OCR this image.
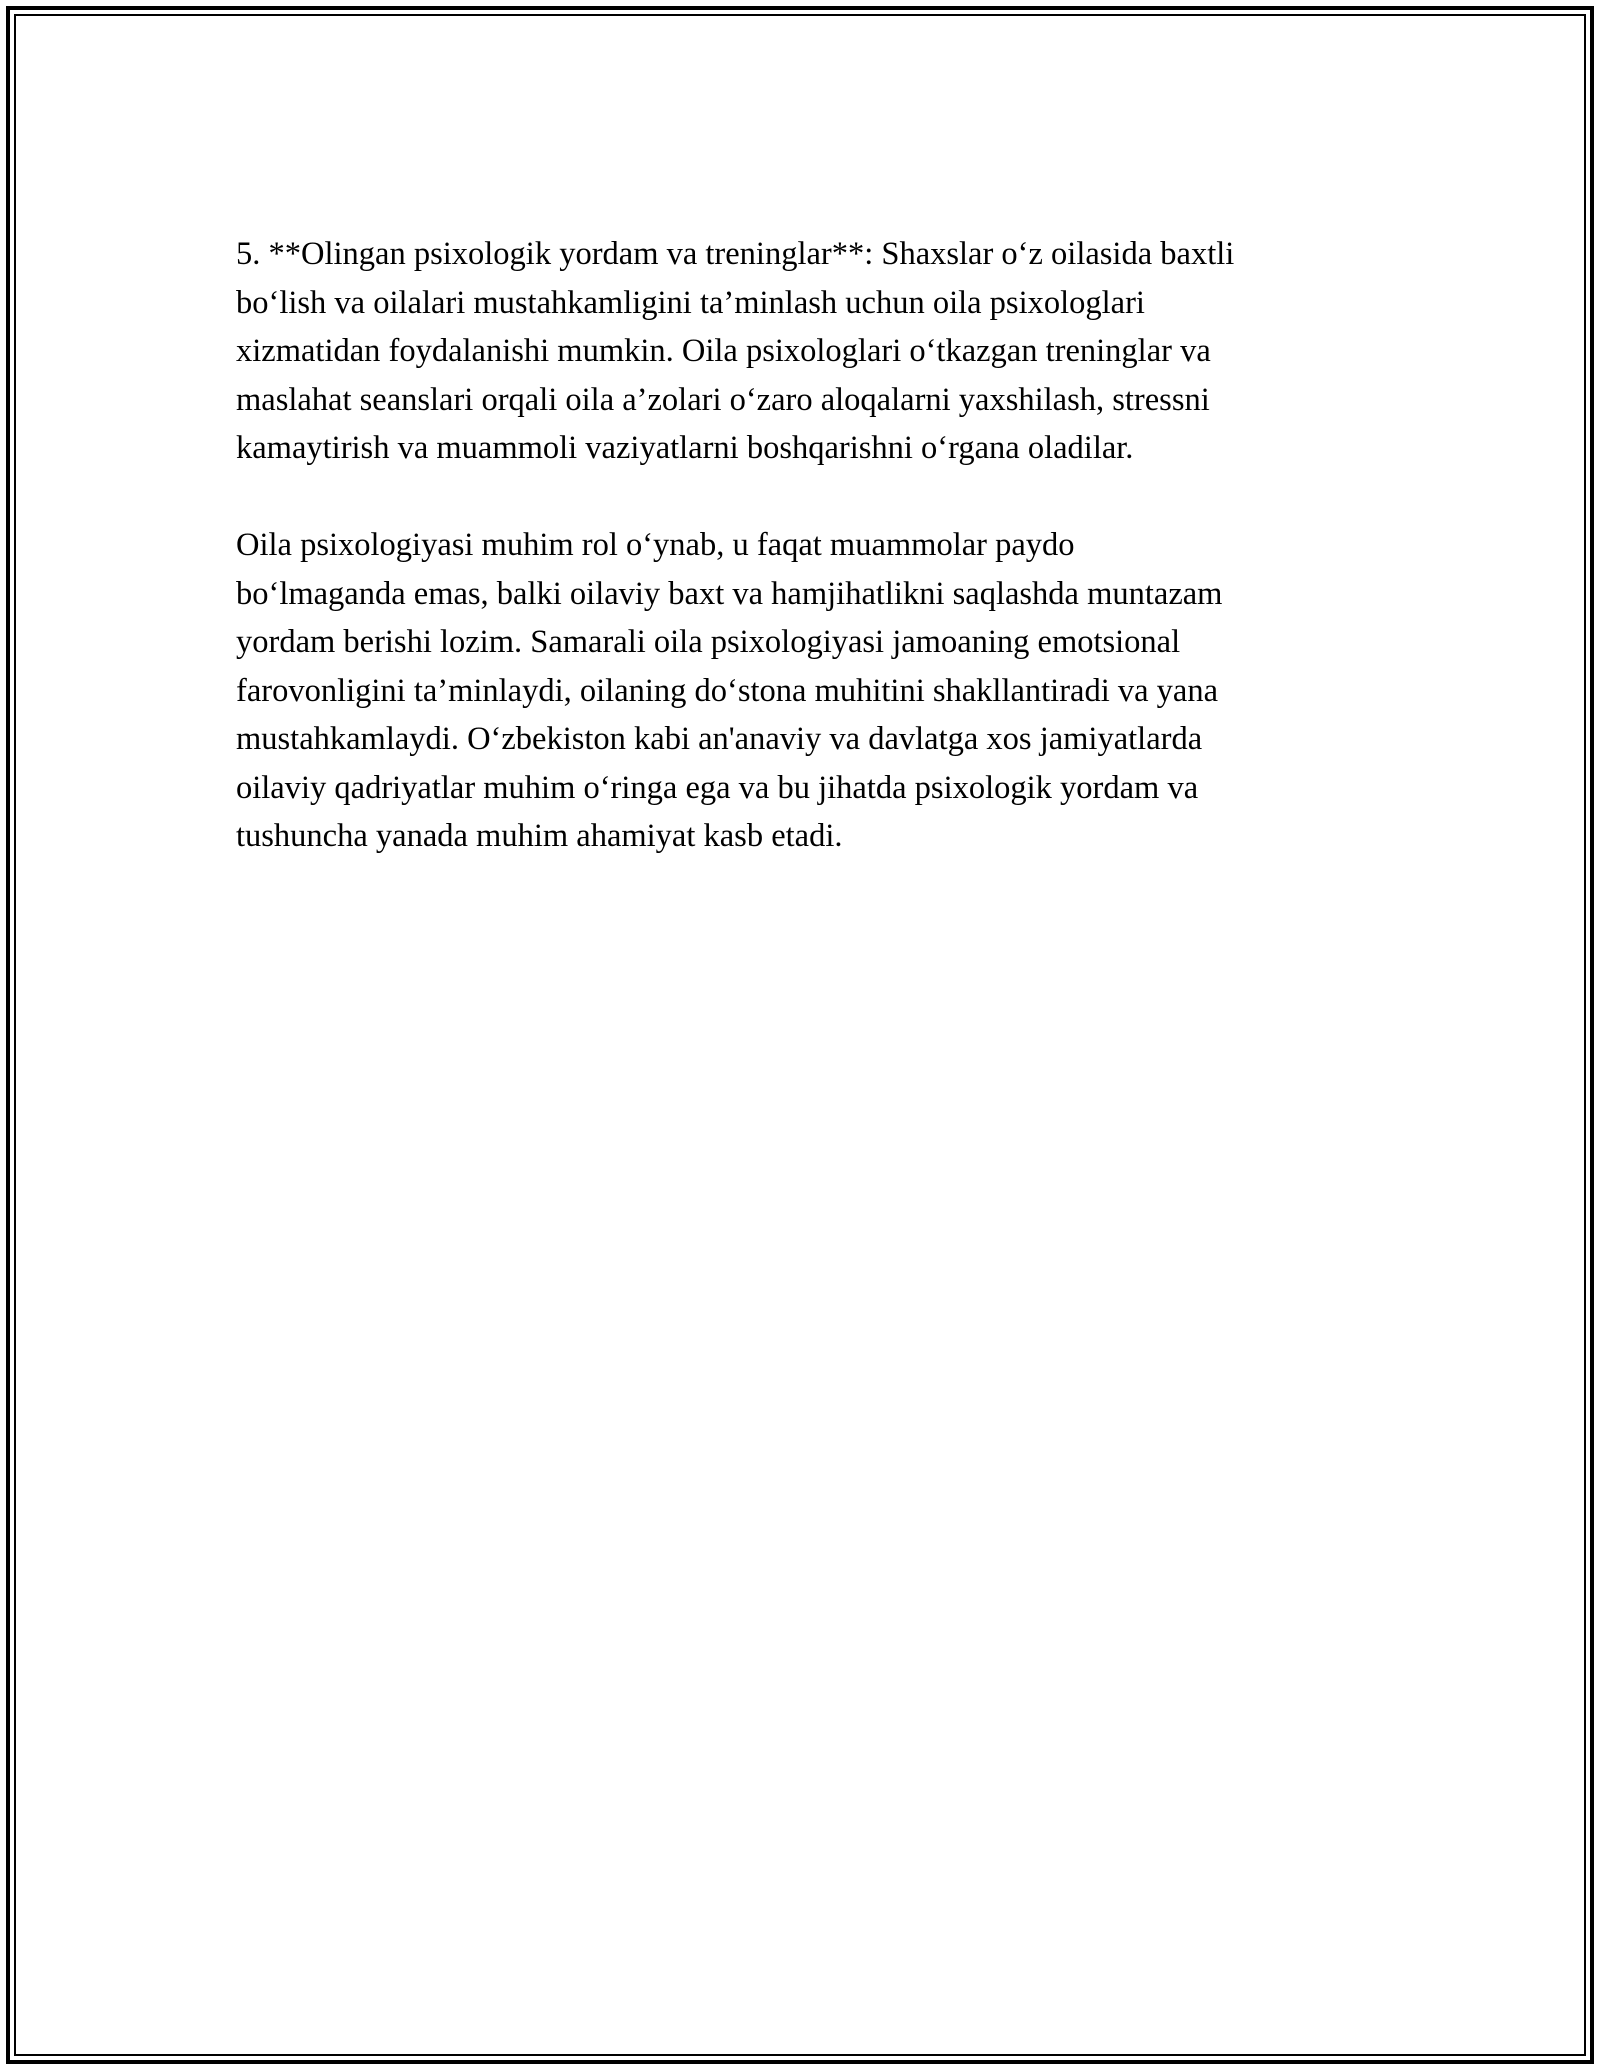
5. **Olingan psixologik yordam va treninglar**: Shaxslar o‘z oilasida baxtli
bo‘lish va oilalari mustahkamligini ta’minlash uchun oila psixologlari
xizmatidan foydalanishi mumkin. Oila psixologlari o‘tkazgan treninglar va
maslahat seanslari orqali oila a’zolari o‘zaro aloqalarni yaxshilash, stressni
kamaytirish va muammoli vaziyatlarni boshqarishni o‘rgana oladilar.

Oila psixologiyasi muhim rol o‘ynab, u faqat muammolar paydo
bo‘lmaganda emas, balki oilaviy baxt va hamjihatlikni saqlashda muntazam
yordam berishi lozim. Samarali oila psixologiyasi jamoaning emotsional
farovonligini ta’minlaydi, oilaning do‘stona muhitini shakllantiradi va yana
mustahkamlaydi. O‘zbekiston kabi an'anaviy va davlatga xos jamiyatlarda
oilaviy qadriyatlar muhim o‘ringa ega va bu jihatda psixologik yordam va
tushuncha yanada muhim ahamiyat kasb etadi.
